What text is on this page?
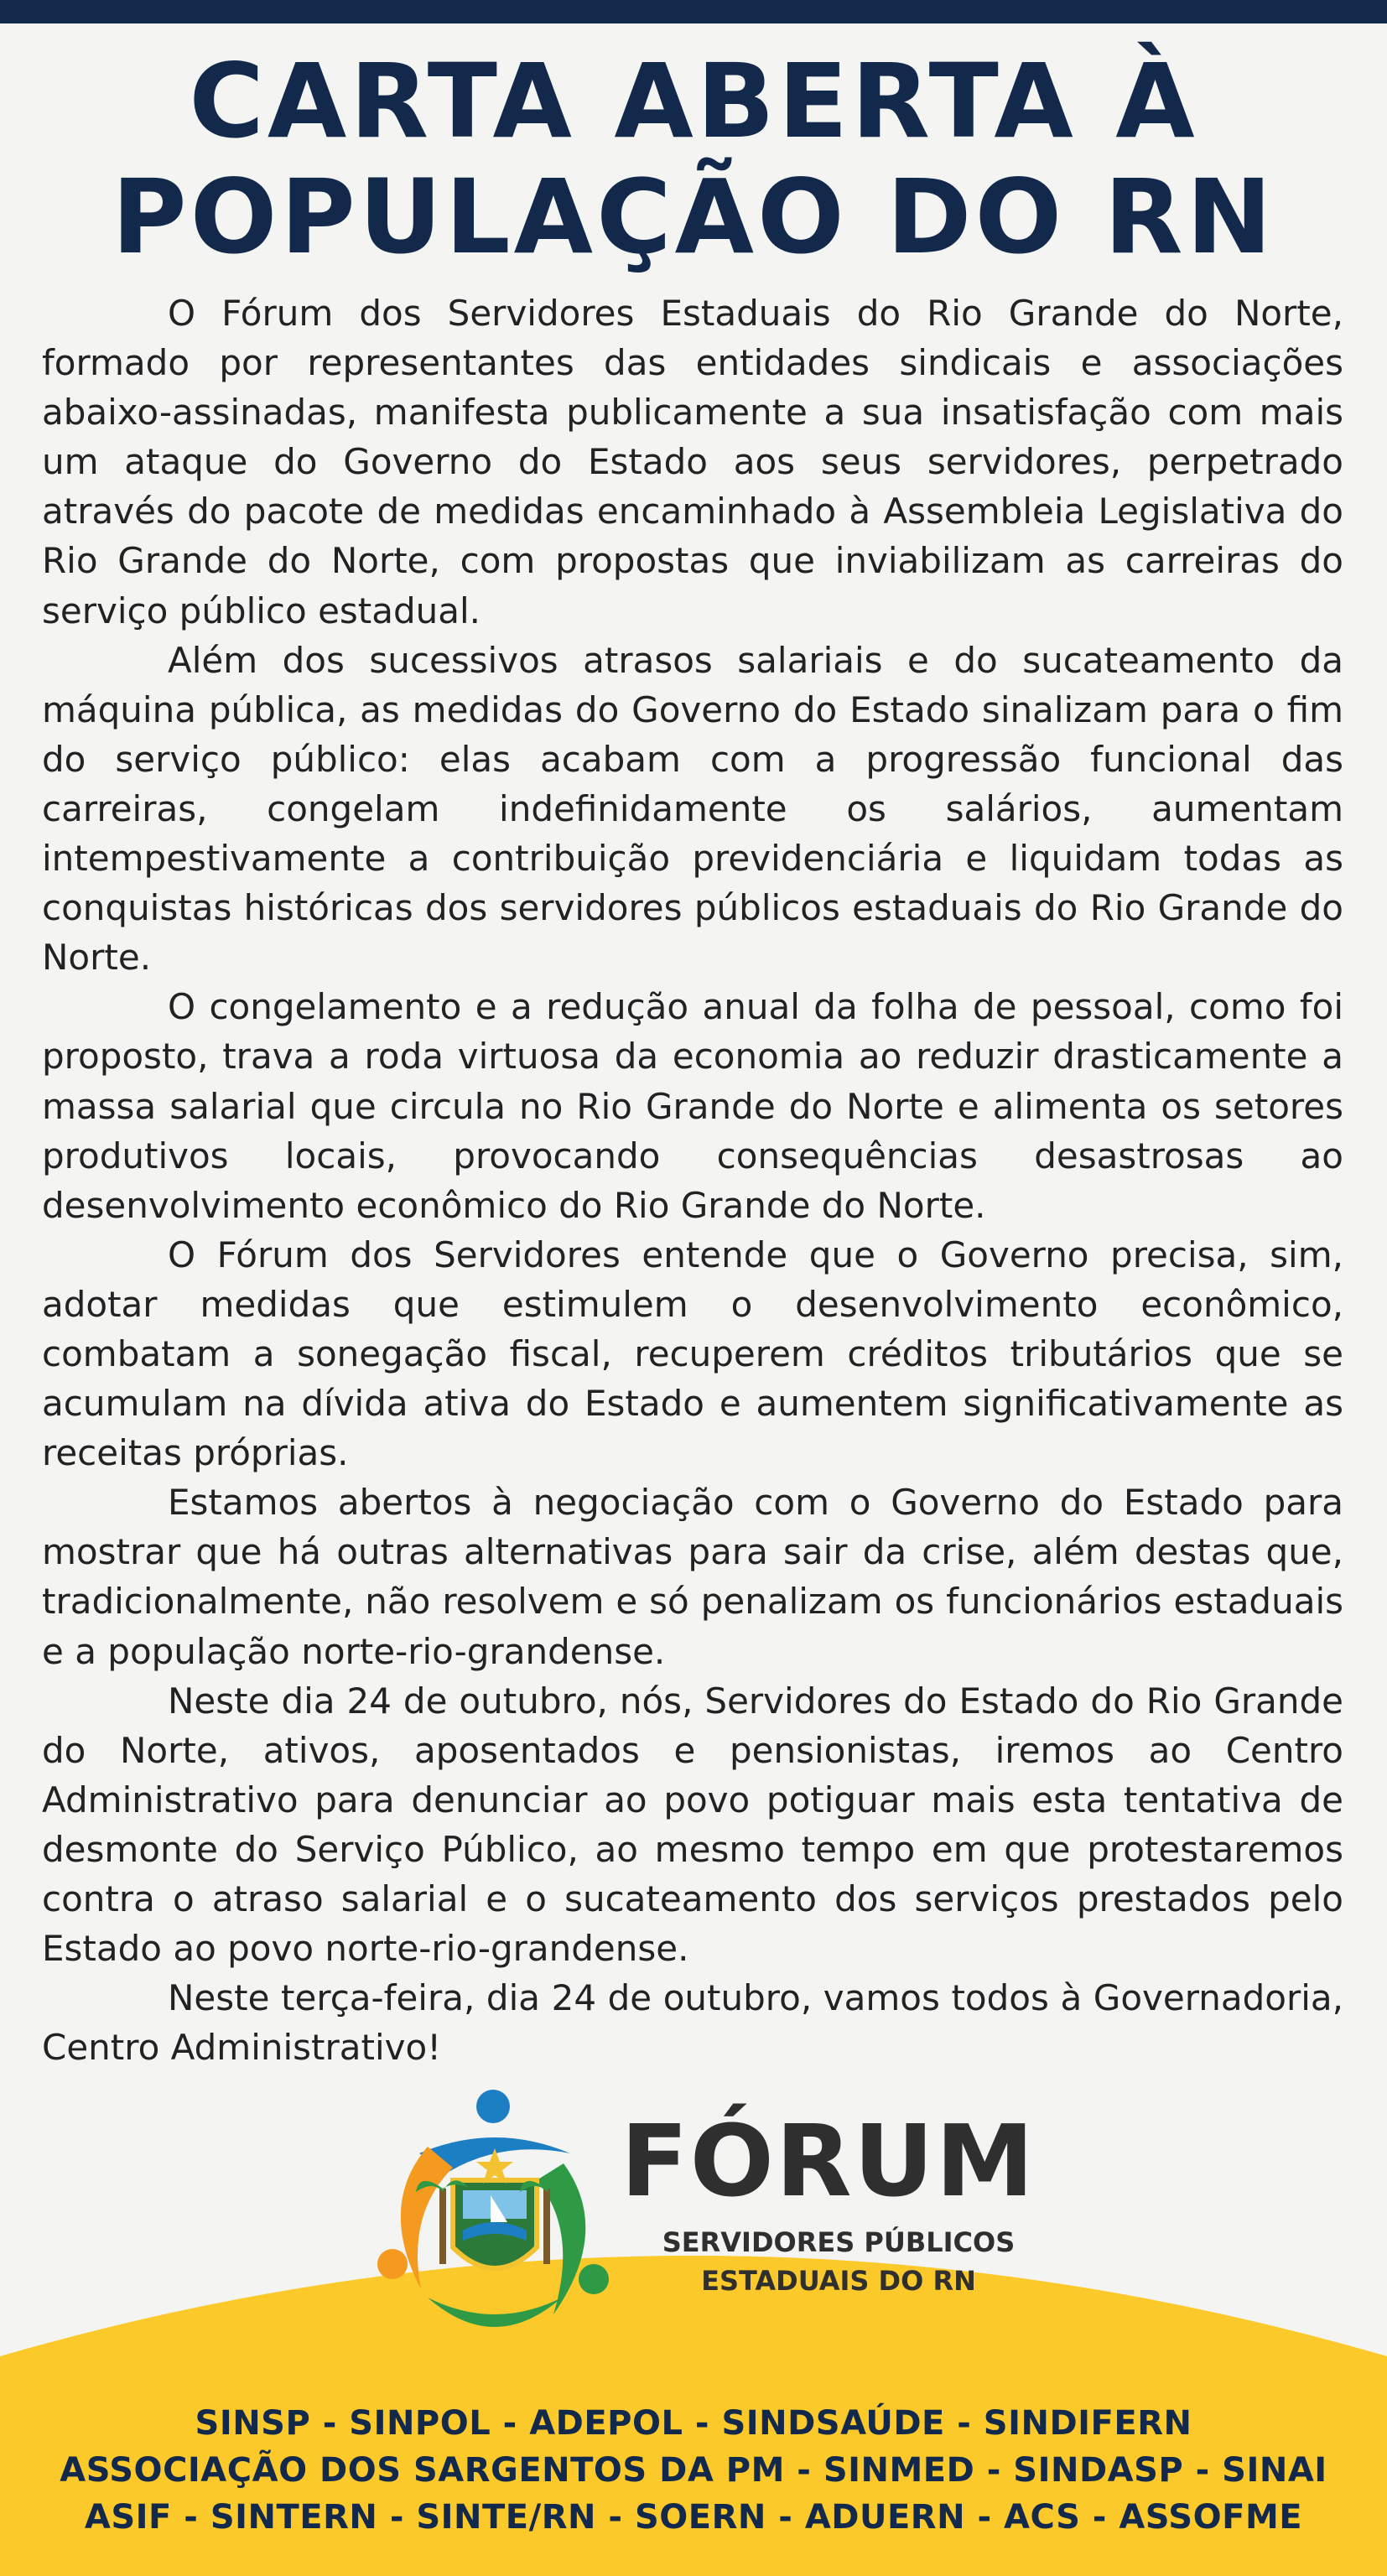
CARTA ABERTA À
POPULAÇÃO DO RN

O Fórum dos Servidores Estaduais do Rio Grande do Norte, formado por representantes das entidades sindicais e associações abaixo-assinadas, manifesta publicamente a sua insatisfação com mais um ataque do Governo do Estado aos seus servidores, perpetrado através do pacote de medidas encaminhado à Assembleia Legislativa do Rio Grande do Norte, com propostas que inviabilizam as carreiras do serviço público estadual.

Além dos sucessivos atrasos salariais e do sucateamento da máquina pública, as medidas do Governo do Estado sinalizam para o fim do serviço público: elas acabam com a progressão funcional das carreiras, congelam indefinidamente os salários, aumentam intempestivamente a contribuição previdenciária e liquidam todas as conquistas históricas dos servidores públicos estaduais do Rio Grande do Norte.

O congelamento e a redução anual da folha de pessoal, como foi proposto, trava a roda virtuosa da economia ao reduzir drasticamente a massa salarial que circula no Rio Grande do Norte e alimenta os setores produtivos locais, provocando consequências desastrosas ao desenvolvimento econômico do Rio Grande do Norte.

O Fórum dos Servidores entende que o Governo precisa, sim, adotar medidas que estimulem o desenvolvimento econômico, combatam a sonegação fiscal, recuperem créditos tributários que se acumulam na dívida ativa do Estado e aumentem significativamente as receitas próprias.

Estamos abertos à negociação com o Governo do Estado para mostrar que há outras alternativas para sair da crise, além destas que, tradicionalmente, não resolvem e só penalizam os funcionários estaduais e a população norte-rio-grandense.

Neste dia 24 de outubro, nós, Servidores do Estado do Rio Grande do Norte, ativos, aposentados e pensionistas, iremos ao Centro Administrativo para denunciar ao povo potiguar mais esta tentativa de desmonte do Serviço Público, ao mesmo tempo em que protestaremos contra o atraso salarial e o sucateamento dos serviços prestados pelo Estado ao povo norte-rio-grandense.

Neste terça-feira, dia 24 de outubro, vamos todos à Governadoria, Centro Administrativo!

FÓRUM
SERVIDORES PÚBLICOS
ESTADUAIS DO RN
SINSP - SINPOL - ADEPOL - SINDSAÚDE - SINDIFERN
ASSOCIAÇÃO DOS SARGENTOS DA PM - SINMED - SINDASP - SINAI
ASIF - SINTERN - SINTE/RN - SOERN - ADUERN - ACS - ASSOFME
